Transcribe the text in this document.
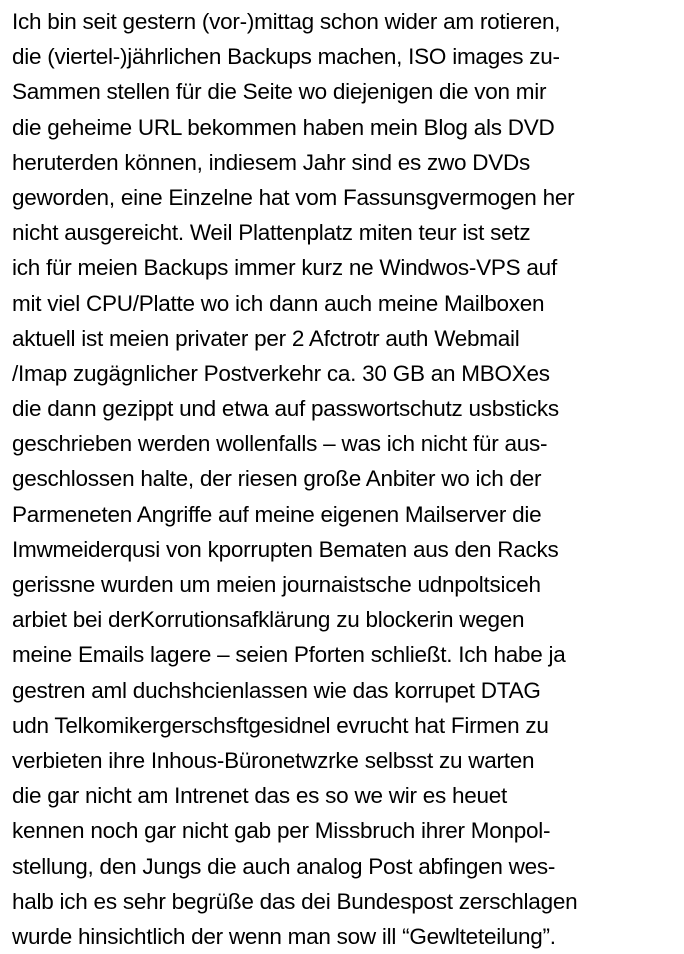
Ich bin seit gestern (vor-)mittag schon wider am rotieren,
die (viertel-)jährlichen Backups machen, ISO images zu-
Sammen stellen für die Seite wo diejenigen die von mir
die geheime URL bekommen haben mein Blog als DVD
heruterden können, indiesem Jahr sind es zwo DVDs
geworden, eine Einzelne hat vom Fassunsgvermogen her
nicht ausgereicht. Weil Plattenplatz miten teur ist setz
ich für meien Backups immer kurz ne Windwos-VPS auf
mit viel CPU/Platte wo ich dann auch meine Mailboxen
aktuell ist meien privater per 2 Afctrotr auth Webmail
/Imap zugägnlicher Postverkehr ca. 30 GB an MBOXes
die dann gezippt und etwa auf passwortschutz usbsticks
geschrieben werden wollenfalls – was ich nicht für aus-
geschlossen halte, der riesen große Anbiter wo ich der
Parmeneten Angriffe auf meine eigenen Mailserver die
Imwmeiderqusi von kporrupten Bematen aus den Racks
gerissne wurden um meien journaistsche udnpoltsiceh
arbiet bei derKorrutionsafklärung zu blockerin wegen
meine Emails lagere – seien Pforten schließt. Ich habe ja
gestren aml duchshcienlassen wie das korrupet DTAG
udn Telkomikergerschsftgesidnel evrucht hat Firmen zu
verbieten ihre Inhous-Büronetwzrke selbsst zu warten
die gar nicht am Intrenet das es so we wir es heuet
kennen noch gar nicht gab per Missbruch ihrer Monpol-
stellung, den Jungs die auch analog Post abfingen wes-
halb ich es sehr begrüße das dei Bundespost zerschlagen
wurde hinsichtlich der wenn man sow ill “Gewlteteilung”.
